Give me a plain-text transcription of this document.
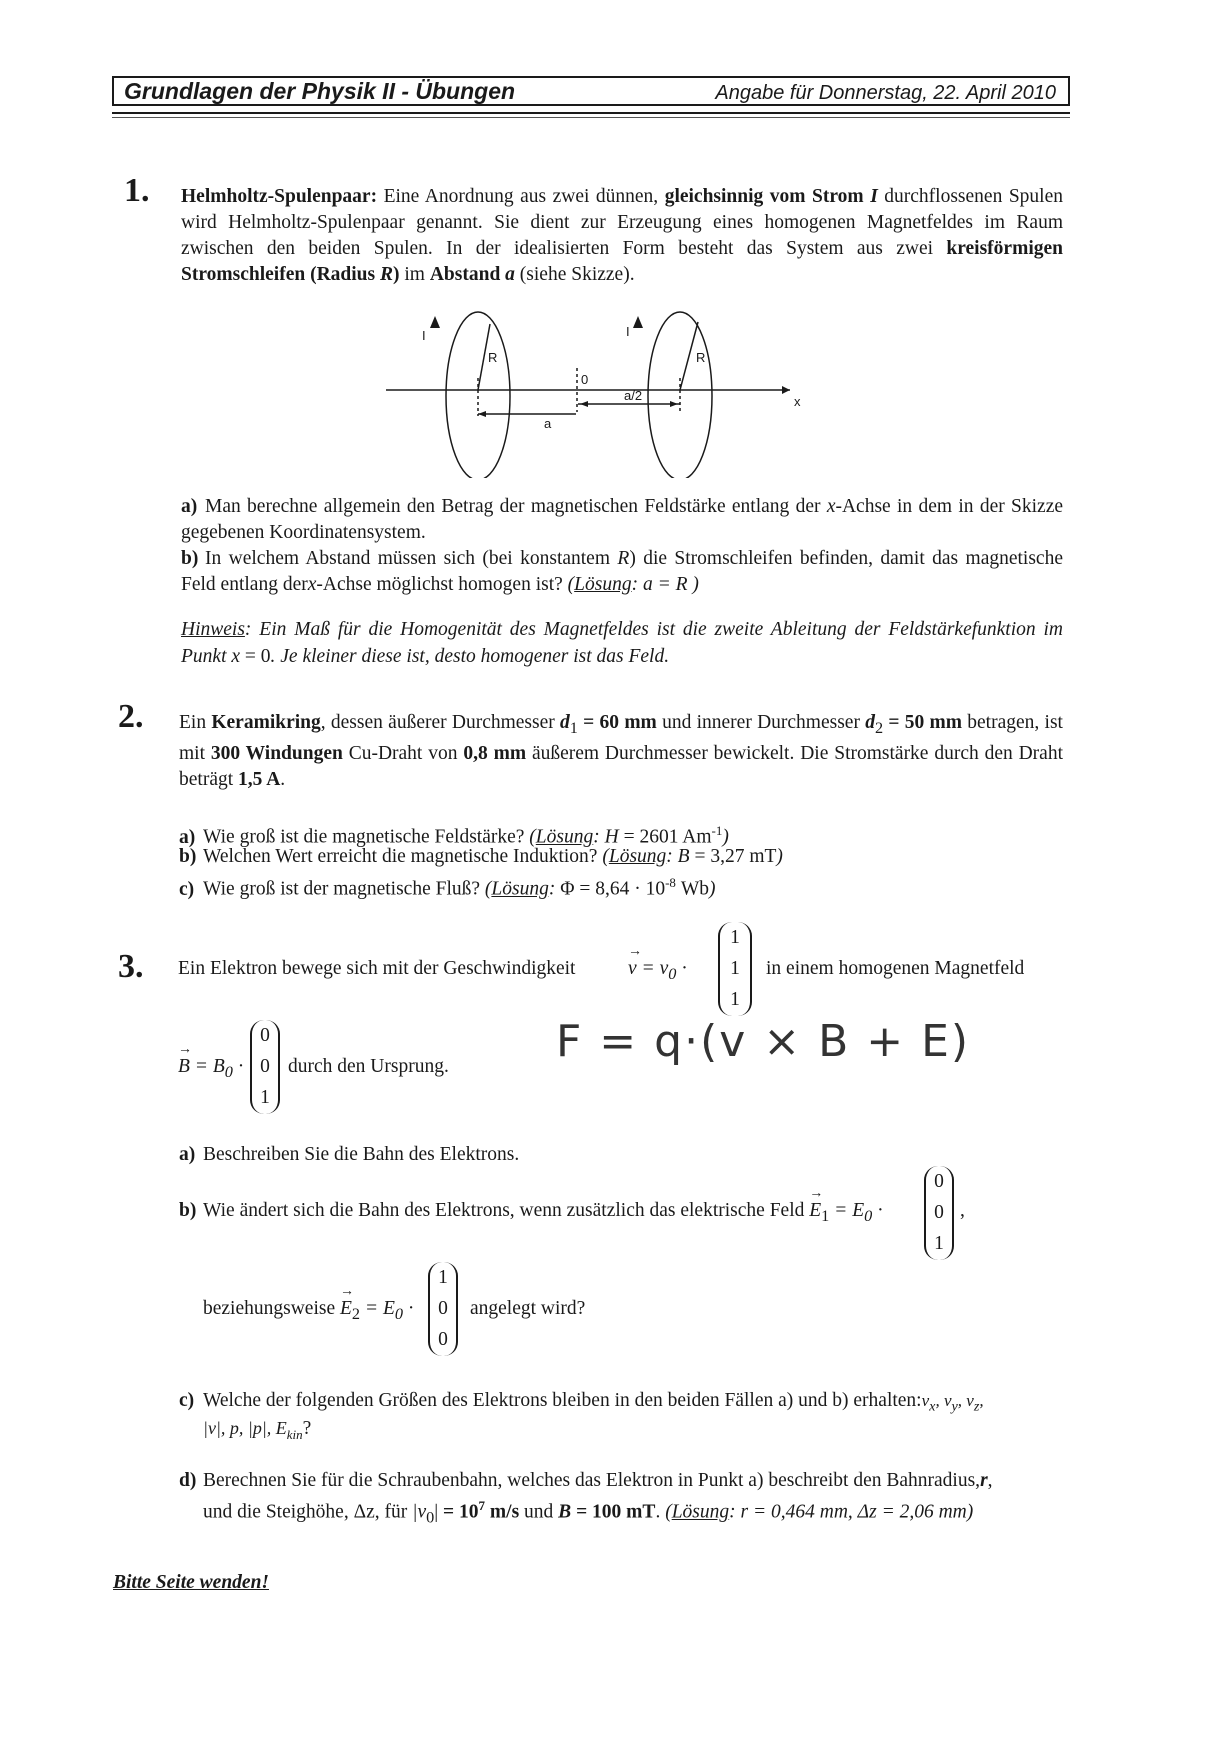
Grundlagen der Physik II - Übungen	Angabe für Donnerstag, 22. April 2010
1. Helmholtz-Spulenpaar: Eine Anordnung aus zwei dünnen, gleichsinnig vom Strom I durchflossenen Spulen wird Helmholtz-Spulenpaar genannt. Sie dient zur Erzeugung eines homogenen Magnetfeldes im Raum zwischen den beiden Spulen. In der idealisierten Form besteht das System aus zwei kreisförmigen Stromschleifen (Radius R) im Abstand a (siehe Skizze).
I	I
R	R
0
a/2
a
x
a) Man berechne allgemein den Betrag der magnetischen Feldstärke entlang der x-Achse in dem in der Skizze gegebenen Koordinatensystem.
b) In welchem Abstand müssen sich (bei konstantem R) die Stromschleifen befinden, damit das magnetische Feld entlang derx-Achse möglichst homogen ist? (Lösung: a = R )
Hinweis: Ein Maß für die Homogenität des Magnetfeldes ist die zweite Ableitung der Feldstärkefunktion im Punkt x = 0. Je kleiner diese ist, desto homogener ist das Feld.
2. Ein Keramikring, dessen äußerer Durchmesser $d_1 = 60$ mm und innerer Durchmesser $d_2 = 50$ mm betragen, ist mit 300 Windungen Cu-Draht von 0,8 mm äußerem Durchmesser bewickelt. Die Stromstärke durch den Draht beträgt 1,5 A.
a) Wie groß ist die magnetische Feldstärke? (Lösung: H = 2601 $Am^{-1}$)
b) Welchen Wert erreicht die magnetische Induktion? (Lösung: B = 3,27 mT)
c) Wie groß ist der magnetische Fluß? (Lösung: $\Phi = 8,64 \cdot 10^{-8}$ Wb)
3. Ein Elektron bewege sich mit der Geschwindigkeit	v = v
→
$_0$ ·
1
1
1
in einem homogenen Magnetfeld
B = B
→
$_0$ ·
0
0
1
durch den Ursprung. F = q·(v × B + E)
a) Beschreiben Sie die Bahn des Elektrons.
b) Wie ändert sich die Bahn des Elektrons, wenn zusätzlich das elektrische Feld E
→
$_1 = E_0$ ·
0
0
1
,
beziehungsweise E
→
$_2 = E_0$ ·
1
0
0
angelegt wird?
c) Welche der folgenden Größen des Elektrons bleiben in den beiden Fällen a) und b) $erhalten:v_x$, $v_y$, $v_z$,
|v|, p, |p|, $E_{kin}$?
d) Berechnen Sie für die Schraubenbahn, welches das Elektron in Punkt a) beschreibt den Bahnradius,r,
und die Steighöhe, Δz, für $|v_0| = 10^7$ m/s und B = 100 mT. (Lösung: r = 0,464 mm, Δz = 2,06 mm)
Bitte Seite wenden!
